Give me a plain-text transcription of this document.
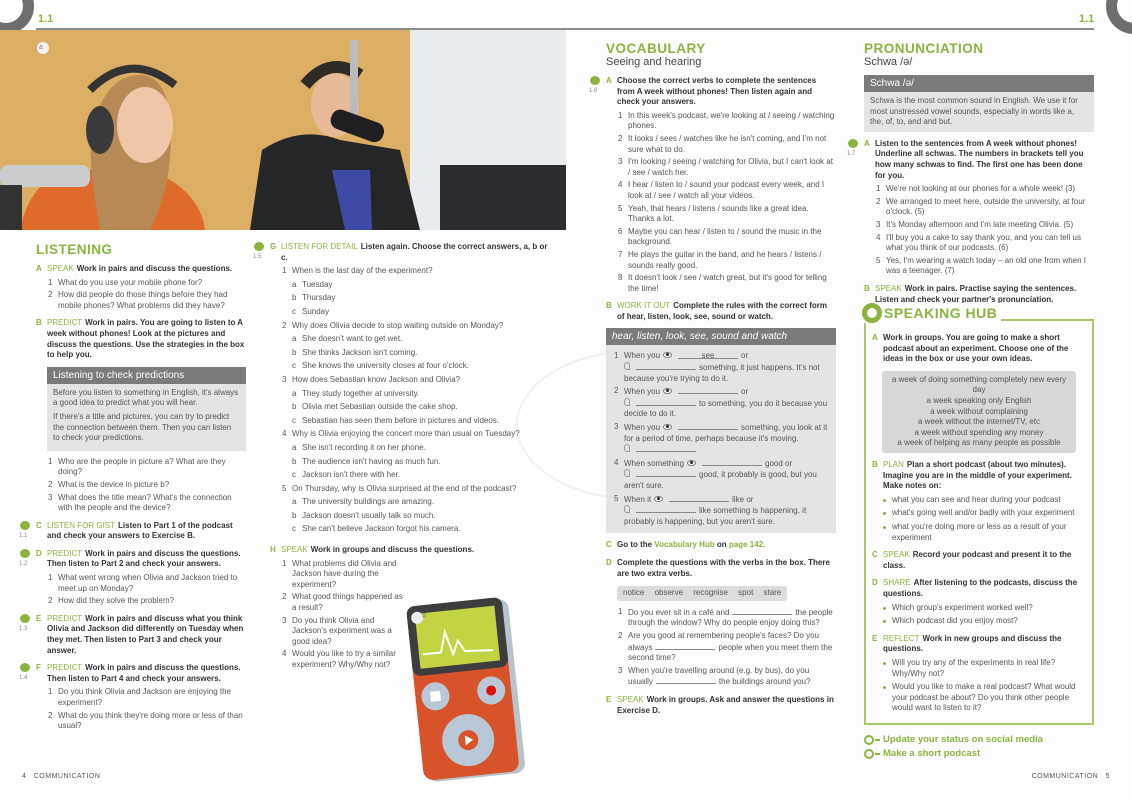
1.1
a
LISTENING
A SPEAK Work in pairs and discuss the questions.
1 What do you use your mobile phone for?
2 How did people do those things before they had mobile phones? What problems did they have?
B PREDICT Work in pairs. You are going to listen to A week without phones! Look at the pictures and discuss the questions. Use the strategies in the box to help you.
Listening to check predictions

Before you listen to something in English, it's always a good idea to predict what you will hear.

If there's a title and pictures, you can try to predict the connection between them. Then you can listen to check your predictions.

1 Who are the people in picture a? What are they doing?
2 What is the device in picture b?
3 What does the title mean? What's the connection with the people and the device?
1.1
C LISTEN FOR GIST Listen to Part 1 of the podcast and check your answers to Exercise B.
1.2
D PREDICT Work in pairs and discuss the questions. Then listen to Part 2 and check your answers.
1 What went wrong when Olivia and Jackson tried to meet up on Monday?
2 How did they solve the problem?
1.3
E PREDICT Work in pairs and discuss what you think Olivia and Jackson did differently on Tuesday when they met. Then listen to Part 3 and check your answer.
1.4
F PREDICT Work in pairs and discuss the questions. Then listen to Part 4 and check your answers.
1 Do you think Olivia and Jackson are enjoying the experiment?
2 What do you think they're doing more or less of than usual?
1.5
G LISTEN FOR DETAIL Listen again. Choose the correct answers, a, b or c.
1 When is the last day of the experiment?
a Tuesday
b Thursday
c Sunday
2 Why does Olivia decide to stop waiting outside on Monday?
a She doesn't want to get wet.
b She thinks Jackson isn't coming.
c She knows the university closes at four o'clock.
3 How does Sebastian know Jackson and Olivia?
a They study together at university.
b Olivia met Sebastian outside the cake shop.
c Sebastian has seen them before in pictures and videos.
4 Why is Olivia enjoying the concert more than usual on Tuesday?
a She isn't recording it on her phone.
b The audience isn't having as much fun.
c Jackson isn't there with her.
5 On Thursday, why is Olivia surprised at the end of the podcast?
a The university buildings are amazing.
b Jackson doesn't usually talk so much.
c She can't believe Jackson forgot his camera.
H SPEAK Work in groups and discuss the questions.
1 What problems did Olivia and Jackson have during the experiment?
2 What good things happened as a result?
3 Do you think Olivia and Jackson's experiment was a good idea?
4 Would you like to try a similar experiment? Why/Why not?
b
4 COMMUNICATION
1.1
VOCABULARY
Seeing and hearing
1.6
A Choose the correct verbs to complete the sentences from A week without phones! Then listen again and check your answers.
1 In this week's podcast, we're looking at / seeing / watching phones.
2 It looks / sees / watches like he isn't coming, and I'm not sure what to do.
3 I'm looking / seeing / watching for Olivia, but I can't look at / see / watch her.
4 I hear / listen to / sound your podcast every week, and I look at / see / watch all your videos.
5 Yeah, that hears / listens / sounds like a great idea. Thanks a lot.
6 Maybe you can hear / listen to / sound the music in the background.
7 He plays the guitar in the band, and he hears / listens / sounds really good.
8 It doesn't look / see / watch great, but it's good for telling the time!
B WORK IT OUT Complete the rules with the correct form of hear, listen, look, see, sound or watch.
hear, listen, look, see, sound and watch
1 When you	see	or
something, it just happens. It's not because you're trying to do it.
2 When you	or
to something, you do it because you decide to do it.
3 When you	something, you look at it for a period of time, perhaps because it's moving.

4 When something	good or
good, it probably is good, but you aren't sure.
5 When it	like or
like something is happening, it probably is happening, but you aren't sure.
C Go to the Vocabulary Hub on page 142.
D Complete the questions with the verbs in the box. There are two extra verbs.
notice observe recognise spot stare
1 Do you ever sit in a café and	the people through the window? Why do people enjoy doing this?
2 Are you good at remembering people's faces? Do you always	people when you meet them the second time?
3 When you're travelling around (e.g. by bus), do you usually	the buildings around you?
E SPEAK Work in groups. Ask and answer the questions in Exercise D.
PRONUNCIATION
Schwa /ə/
Schwa /ə/
Schwa is the most common sound in English. We use it for most unstressed vowel sounds, especially in words like a, the, of, to, and and but.
1.7
A Listen to the sentences from A week without phones! Underline all schwas. The numbers in brackets tell you how many schwas to find. The first one has been done for you.
1 We're not looking at our phones for a whole week! (3)
2 We arranged to meet here, outside the university, at four o'clock. (5)
3 It's Monday afternoon and I'm late meeting Olivia. (5)
4 I'll buy you a cake to say thank you, and you can tell us what you think of our podcasts. (6)
5 Yes, I'm wearing a watch today – an old one from when I was a teenager. (7)
B SPEAK Work in pairs. Practise saying the sentences. Listen and check your partner's pronunciation.
SPEAKING HUB
A Work in groups. You are going to make a short podcast about an experiment. Choose one of the ideas in the box or use your own ideas.
a week of doing something completely new every day
a week speaking only English
a week without complaining
a week without the internet/TV, etc
a week without spending any money
a week of helping as many people as possible
B PLAN Plan a short podcast (about two minutes). Imagine you are in the middle of your experiment. Make notes on:
what you can see and hear during your podcast
what's going well and/or badly with your experiment
what you're doing more or less as a result of your experiment
C SPEAK Record your podcast and present it to the class.
D SHARE After listening to the podcasts, discuss the questions.
Which group's experiment worked well?
Which podcast did you enjoy most?
E REFLECT Work in new groups and discuss the questions.
Will you try any of the experiments in real life? Why/Why not?
Would you like to make a real podcast? What would your podcast be about? Do you think other people would want to listen to it?
Update your status on social media
Make a short podcast
COMMUNICATION 5
